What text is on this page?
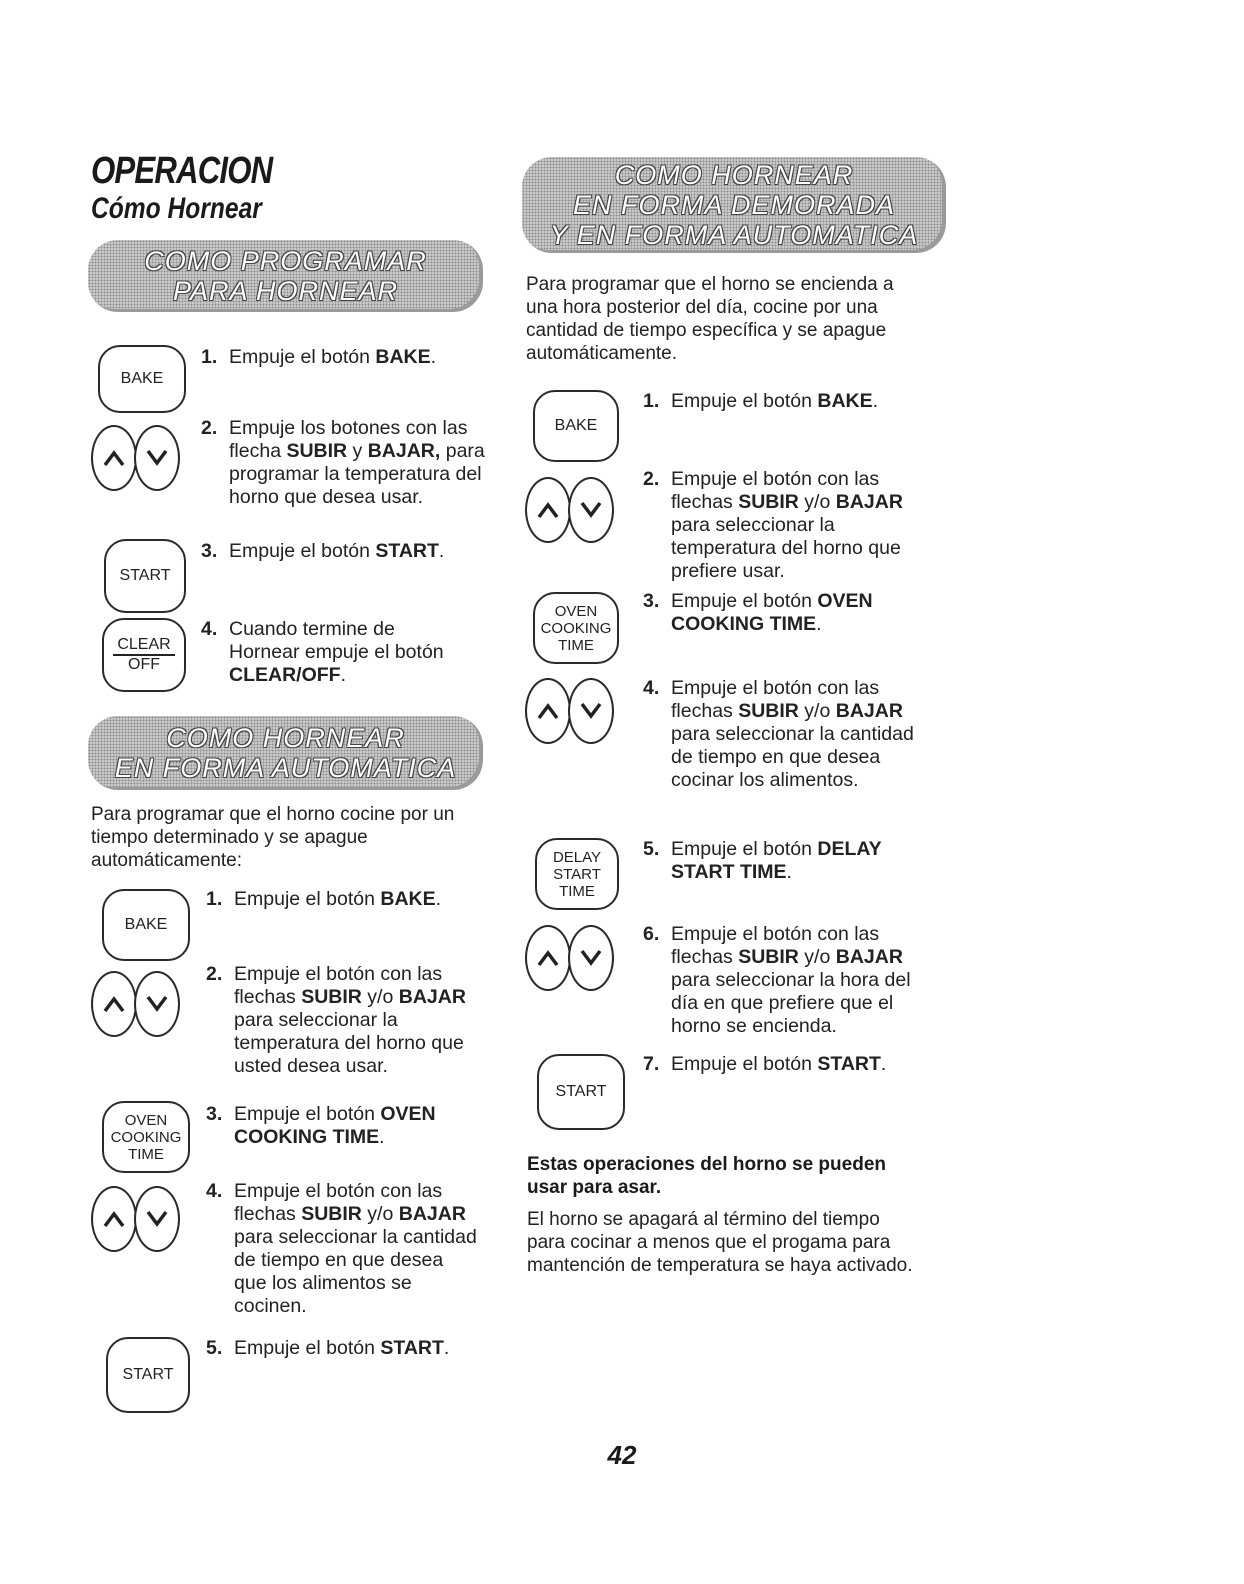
OPERACION
Cómo Hornear
COMO PROGRAMAR
PARA HORNEAR
BAKE
1. Empuje el botón BAKE.
2. Empuje los botones con las flecha SUBIR y BAJAR, para programar la temperatura del horno que desea usar.
START
3. Empuje el botón START.
CLEAR
OFF
4. Cuando termine de Hornear empuje el botón CLEAR/OFF.
COMO HORNEAR
EN FORMA AUTOMATICA
Para programar que el horno cocine por un tiempo determinado y se apague automáticamente:
BAKE
1. Empuje el botón BAKE.
2. Empuje el botón con las flechas SUBIR y/o BAJAR para seleccionar la temperatura del horno que usted desea usar.
OVEN
COOKING
TIME
3. Empuje el botón OVEN COOKING TIME.
4. Empuje el botón con las flechas SUBIR y/o BAJAR para seleccionar la cantidad de tiempo en que desea que los alimentos se cocinen.
START
5. Empuje el botón START.
COMO HORNEAR
EN FORMA DEMORADA
Y EN FORMA AUTOMATICA
Para programar que el horno se encienda a una hora posterior del día, cocine por una cantidad de tiempo específica y se apague automáticamente.
BAKE
1. Empuje el botón BAKE.
2. Empuje el botón con las flechas SUBIR y/o BAJAR para seleccionar la temperatura del horno que prefiere usar.
OVEN
COOKING
TIME
3. Empuje el botón OVEN COOKING TIME.
4. Empuje el botón con las flechas SUBIR y/o BAJAR para seleccionar la cantidad de tiempo en que desea cocinar los alimentos.
DELAY
START
TIME
5. Empuje el botón DELAY START TIME.
6. Empuje el botón con las flechas SUBIR y/o BAJAR para seleccionar la hora del día en que prefiere que el horno se encienda.
START
7. Empuje el botón START.
Estas operaciones del horno se pueden usar para asar.
El horno se apagará al término del tiempo para cocinar a menos que el progama para mantención de temperatura se haya activado.
42
